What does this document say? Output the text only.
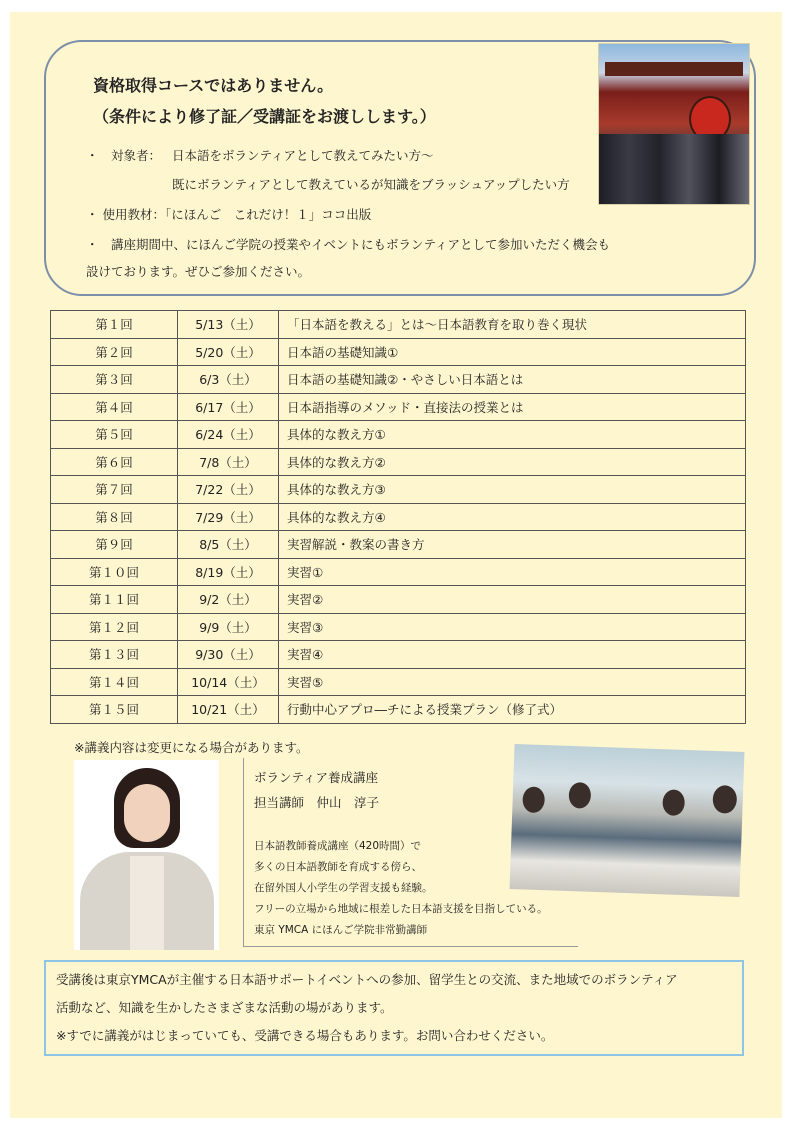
資格取得コースではありません。
（条件により修了証／受講証をお渡しします。）
・　対象者： 日本語をボランティアとして教えてみたい方～
既にボランティアとして教えているが知識をブラッシュアップしたい方
・ 使用教材：「にほんご　これだけ！１」ココ出版
・　講座期間中、にほんご学院の授業やイベントにもボランティアとして参加いただく機会も
設けております。ぜひご参加ください。
第１回	5/13（土）	「日本語を教える」とは～日本語教育を取り巻く現状
第２回	5/20（土）	日本語の基礎知識①
第３回	6/3（土）	日本語の基礎知識②・やさしい日本語とは
第４回	6/17（土）	日本語指導のメソッド・直接法の授業とは
第５回	6/24（土）	具体的な教え方①
第６回	7/8（土）	具体的な教え方②
第７回	7/22（土）	具体的な教え方③
第８回	7/29（土）	具体的な教え方④
第９回	8/5（土）	実習解説・教案の書き方
第１０回	8/19（土）	実習①
第１１回	9/2（土）	実習②
第１２回	9/9（土）	実習③
第１３回	9/30（土）	実習④
第１４回	10/14（土）	実習⑤
第１５回	10/21（土）	行動中心アプロ―チによる授業プラン（修了式）
※講義内容は変更になる場合があります。
ボランティア養成講座
担当講師　仲山　淳子
日本語教師養成講座（420時間）で
多くの日本語教師を育成する傍ら、
在留外国人小学生の学習支援も経験。
フリーの立場から地域に根差した日本語支援を目指している。
東京 YMCA にほんご学院非常勤講師
受講後は東京YMCAが主催する日本語サポートイベントへの参加、留学生との交流、また地域でのボランティア
活動など、知識を生かしたさまざまな活動の場があります。
※すでに講義がはじまっていても、受講できる場合もあります。お問い合わせください。
